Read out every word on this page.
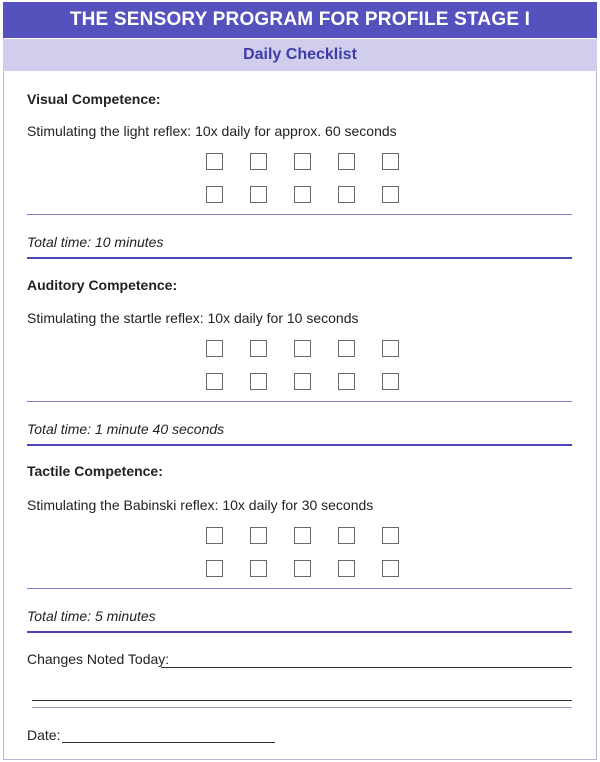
THE SENSORY PROGRAM FOR PROFILE STAGE I
Daily Checklist
Visual Competence:
Stimulating the light reflex: 10x daily for approx. 60 seconds
Total time: 10 minutes
Auditory Competence:
Stimulating the startle reflex: 10x daily for 10 seconds
Total time: 1 minute 40 seconds
Tactile Competence:
Stimulating the Babinski reflex: 10x daily for 30 seconds
Total time: 5 minutes
Changes Noted Today:
Date:
